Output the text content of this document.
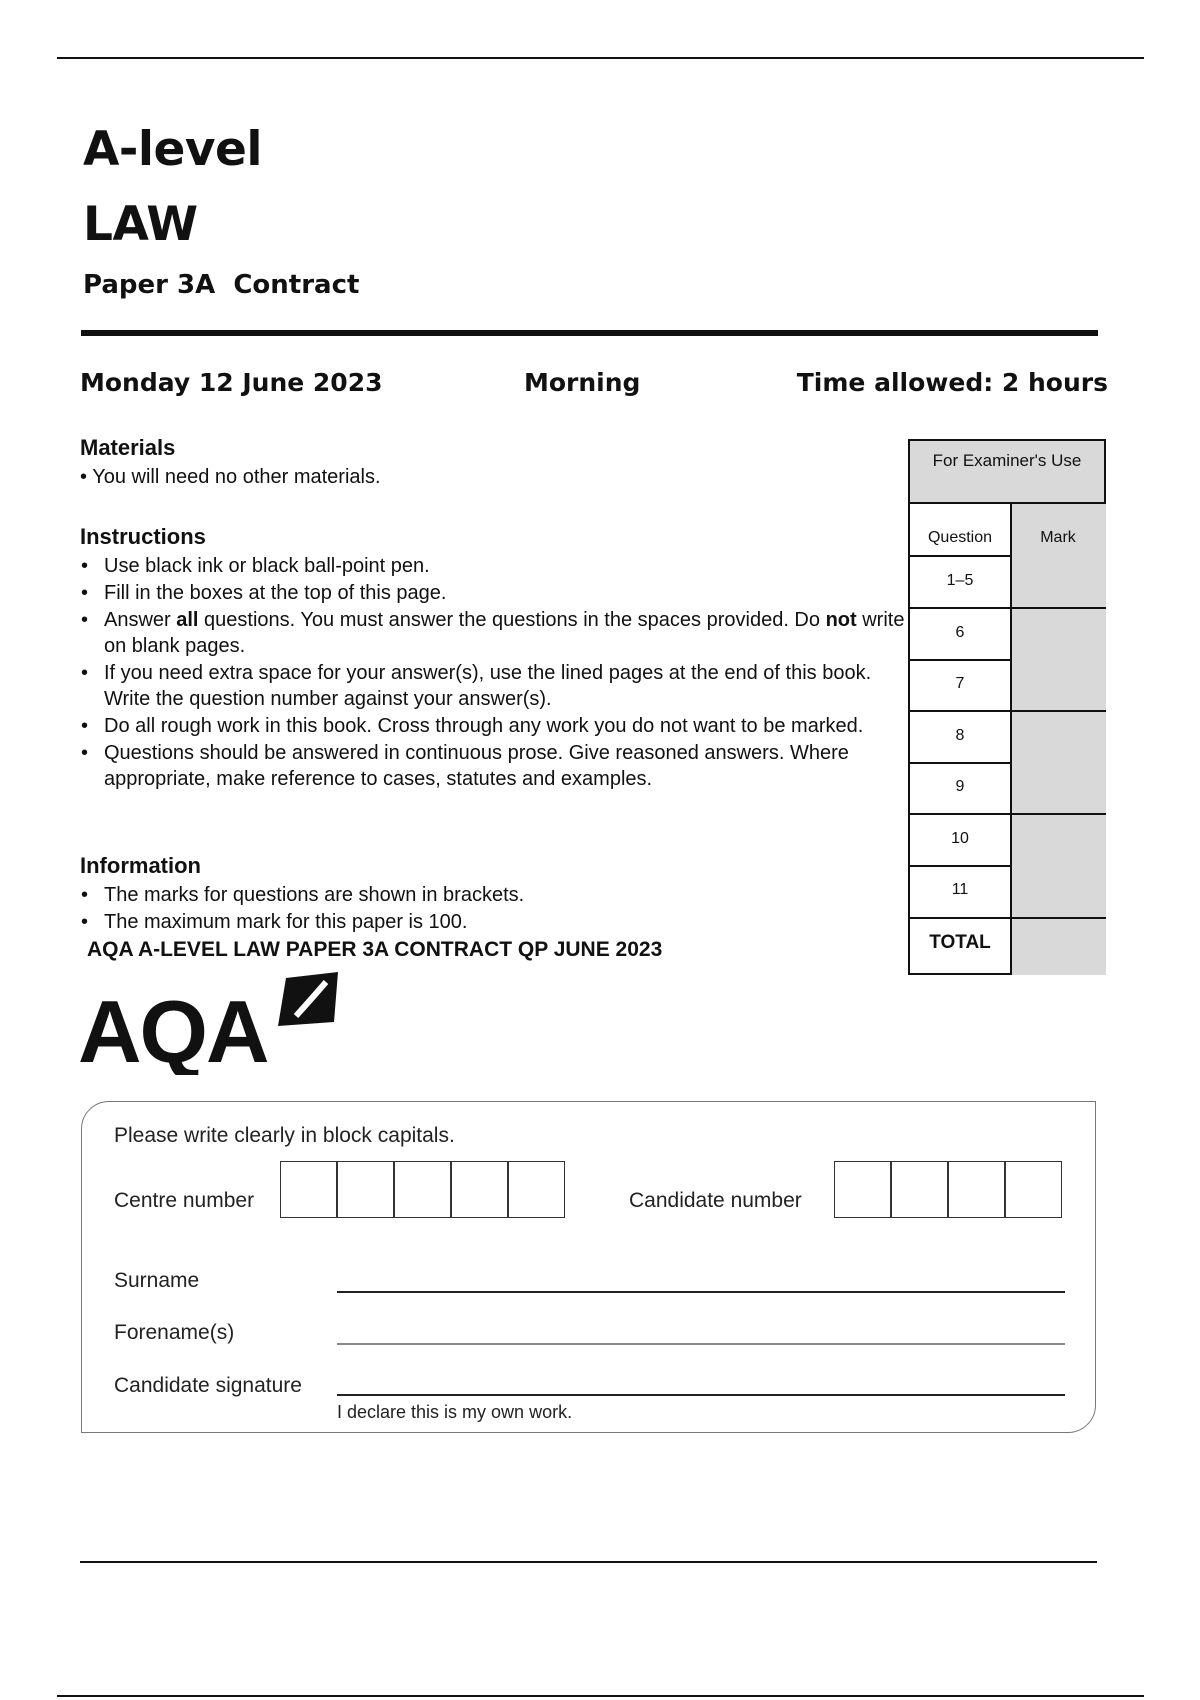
A-level
LAW
Paper 3A  Contract
Monday 12 June 2023	Morning	Time allowed: 2 hours
Materials
• You will need no other materials.
Instructions
• Use black ink or black ball-point pen.
• Fill in the boxes at the top of this page.
• Answer all questions. You must answer the questions in the spaces provided. Do not write on blank pages.
• If you need extra space for your answer(s), use the lined pages at the end of this book. Write the question number against your answer(s).
• Do all rough work in this book. Cross through any work you do not want to be marked.
• Questions should be answered in continuous prose. Give reasoned answers. Where appropriate, make reference to cases, statutes and examples.
Information
• The marks for questions are shown in brackets.
• The maximum mark for this paper is 100.
AQA A-LEVEL LAW PAPER 3A CONTRACT QP JUNE 2023
AQA
For Examiner's Use
Question	Mark
1–5
6
7
8
9
10
11
TOTAL
Please write clearly in block capitals.
Centre number	Candidate number
Surname
Forename(s)
Candidate signature
I declare this is my own work.
